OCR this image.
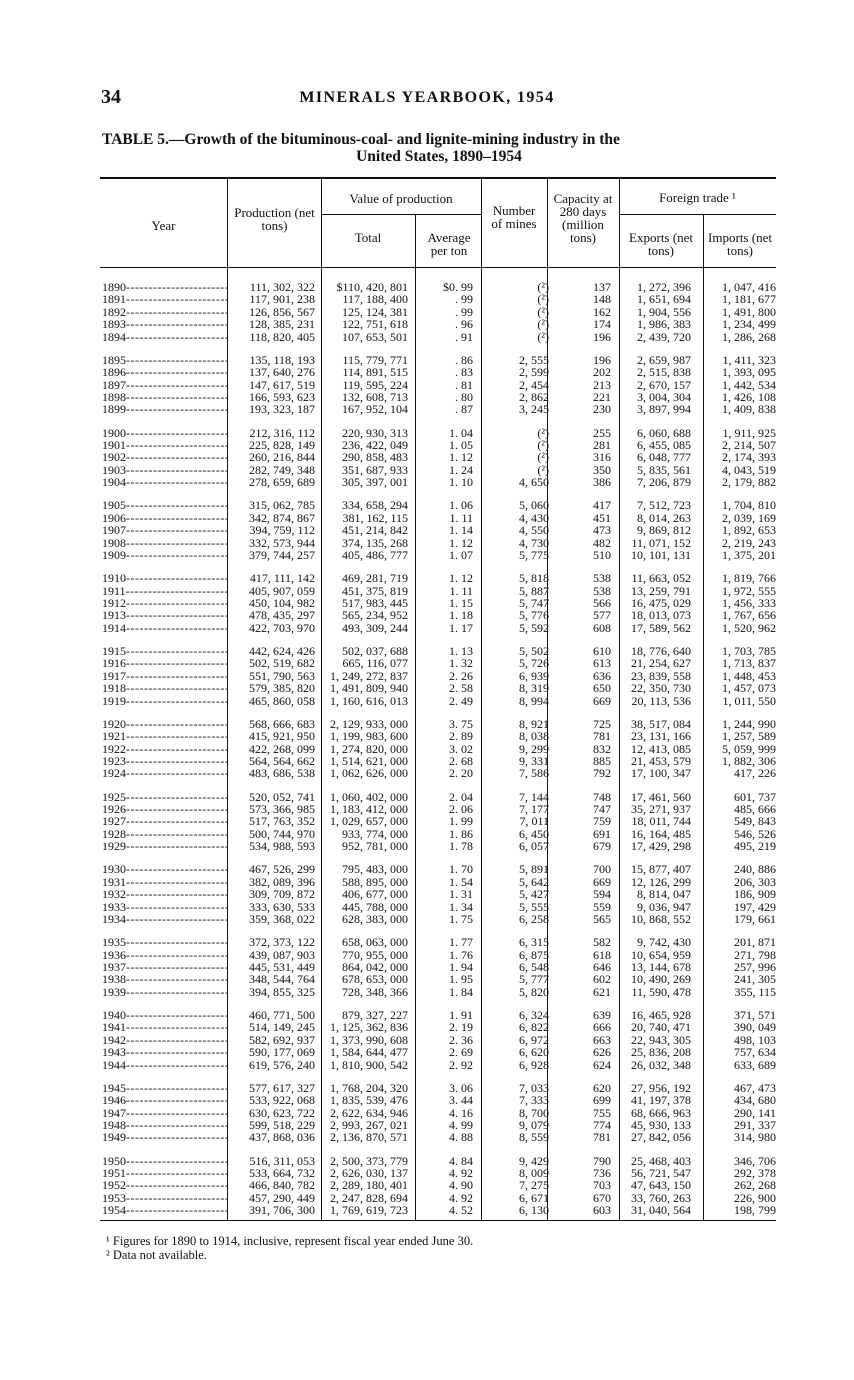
34	MINERALS YEARBOOK, 1954
TABLE 5.—Growth of the bituminous-coal- and lignite-mining industry in the
United States, 1890–1954
Year
Production (net tons)
Value of production
Total	Average per ton
Number of mines
Capacity at 280 days (million tons)
Foreign trade ¹
Exports (net tons)
Imports (net tons)
1890 -----	111, 302, 322	$110, 420, 801	$0. 99	(²)	137	1, 272, 396	1, 047, 416
1891 -----	117, 901, 238	117, 188, 400	. 99	(²)	148	1, 651, 694	1, 181, 677
1892 -----	126, 856, 567	125, 124, 381	. 99	(²)	162	1, 904, 556	1, 491, 800
1893 -----	128, 385, 231	122, 751, 618	. 96	(²)	174	1, 986, 383	1, 234, 499
1894 -----	118, 820, 405	107, 653, 501	. 91	(²)	196	2, 439, 720	1, 286, 268
1895 -----	135, 118, 193	115, 779, 771	. 86	2, 555	196	2, 659, 987	1, 411, 323
1896 -----	137, 640, 276	114, 891, 515	. 83	2, 599	202	2, 515, 838	1, 393, 095
1897 -----	147, 617, 519	119, 595, 224	. 81	2, 454	213	2, 670, 157	1, 442, 534
1898 -----	166, 593, 623	132, 608, 713	. 80	2, 862	221	3, 004, 304	1, 426, 108
1899 -----	193, 323, 187	167, 952, 104	. 87	3, 245	230	3, 897, 994	1, 409, 838
1900 -----	212, 316, 112	220, 930, 313	1. 04	(²)	255	6, 060, 688	1, 911, 925
1901 -----	225, 828, 149	236, 422, 049	1. 05	(²)	281	6, 455, 085	2, 214, 507
1902 -----	260, 216, 844	290, 858, 483	1. 12	(²)	316	6, 048, 777	2, 174, 393
1903 -----	282, 749, 348	351, 687, 933	1. 24	(²)	350	5, 835, 561	4, 043, 519
1904 -----	278, 659, 689	305, 397, 001	1. 10	4, 650	386	7, 206, 879	2, 179, 882
1905 -----	315, 062, 785	334, 658, 294	1. 06	5, 060	417	7, 512, 723	1, 704, 810
1906 -----	342, 874, 867	381, 162, 115	1. 11	4, 430	451	8, 014, 263	2, 039, 169
1907 -----	394, 759, 112	451, 214, 842	1. 14	4, 550	473	9, 869, 812	1, 892, 653
1908 -----	332, 573, 944	374, 135, 268	1. 12	4, 730	482	11, 071, 152	2, 219, 243
1909 -----	379, 744, 257	405, 486, 777	1. 07	5, 775	510	10, 101, 131	1, 375, 201
1910 -----	417, 111, 142	469, 281, 719	1. 12	5, 818	538	11, 663, 052	1, 819, 766
1911 -----	405, 907, 059	451, 375, 819	1. 11	5, 887	538	13, 259, 791	1, 972, 555
1912 -----	450, 104, 982	517, 983, 445	1. 15	5, 747	566	16, 475, 029	1, 456, 333
1913 -----	478, 435, 297	565, 234, 952	1. 18	5, 776	577	18, 013, 073	1, 767, 656
1914 -----	422, 703, 970	493, 309, 244	1. 17	5, 592	608	17, 589, 562	1, 520, 962
1915 -----	442, 624, 426	502, 037, 688	1. 13	5, 502	610	18, 776, 640	1, 703, 785
1916 -----	502, 519, 682	665, 116, 077	1. 32	5, 726	613	21, 254, 627	1, 713, 837
1917 -----	551, 790, 563	1, 249, 272, 837	2. 26	6, 939	636	23, 839, 558	1, 448, 453
1918 -----	579, 385, 820	1, 491, 809, 940	2. 58	8, 319	650	22, 350, 730	1, 457, 073
1919 -----	465, 860, 058	1, 160, 616, 013	2. 49	8, 994	669	20, 113, 536	1, 011, 550
1920 -----	568, 666, 683	2, 129, 933, 000	3. 75	8, 921	725	38, 517, 084	1, 244, 990
1921 -----	415, 921, 950	1, 199, 983, 600	2. 89	8, 038	781	23, 131, 166	1, 257, 589
1922 -----	422, 268, 099	1, 274, 820, 000	3. 02	9, 299	832	12, 413, 085	5, 059, 999
1923 -----	564, 564, 662	1, 514, 621, 000	2. 68	9, 331	885	21, 453, 579	1, 882, 306
1924 -----	483, 686, 538	1, 062, 626, 000	2. 20	7, 586	792	17, 100, 347	417, 226
1925 -----	520, 052, 741	1, 060, 402, 000	2. 04	7, 144	748	17, 461, 560	601, 737
1926 -----	573, 366, 985	1, 183, 412, 000	2. 06	7, 177	747	35, 271, 937	485, 666
1927 -----	517, 763, 352	1, 029, 657, 000	1. 99	7, 011	759	18, 011, 744	549, 843
1928 -----	500, 744, 970	933, 774, 000	1. 86	6, 450	691	16, 164, 485	546, 526
1929 -----	534, 988, 593	952, 781, 000	1. 78	6, 057	679	17, 429, 298	495, 219
1930 -----	467, 526, 299	795, 483, 000	1. 70	5, 891	700	15, 877, 407	240, 886
1931 -----	382, 089, 396	588, 895, 000	1. 54	5, 642	669	12, 126, 299	206, 303
1932 -----	309, 709, 872	406, 677, 000	1. 31	5, 427	594	8, 814, 047	186, 909
1933 -----	333, 630, 533	445, 788, 000	1. 34	5, 555	559	9, 036, 947	197, 429
1934 -----	359, 368, 022	628, 383, 000	1. 75	6, 258	565	10, 868, 552	179, 661
1935 -----	372, 373, 122	658, 063, 000	1. 77	6, 315	582	9, 742, 430	201, 871
1936 -----	439, 087, 903	770, 955, 000	1. 76	6, 875	618	10, 654, 959	271, 798
1937 -----	445, 531, 449	864, 042, 000	1. 94	6, 548	646	13, 144, 678	257, 996
1938 -----	348, 544, 764	678, 653, 000	1. 95	5, 777	602	10, 490, 269	241, 305
1939 -----	394, 855, 325	728, 348, 366	1. 84	5, 820	621	11, 590, 478	355, 115
1940 -----	460, 771, 500	879, 327, 227	1. 91	6, 324	639	16, 465, 928	371, 571
1941 -----	514, 149, 245	1, 125, 362, 836	2. 19	6, 822	666	20, 740, 471	390, 049
1942 -----	582, 692, 937	1, 373, 990, 608	2. 36	6, 972	663	22, 943, 305	498, 103
1943 -----	590, 177, 069	1, 584, 644, 477	2. 69	6, 620	626	25, 836, 208	757, 634
1944 -----	619, 576, 240	1, 810, 900, 542	2. 92	6, 928	624	26, 032, 348	633, 689
1945 -----	577, 617, 327	1, 768, 204, 320	3. 06	7, 033	620	27, 956, 192	467, 473
1946 -----	533, 922, 068	1, 835, 539, 476	3. 44	7, 333	699	41, 197, 378	434, 680
1947 -----	630, 623, 722	2, 622, 634, 946	4. 16	8, 700	755	68, 666, 963	290, 141
1948 -----	599, 518, 229	2, 993, 267, 021	4. 99	9, 079	774	45, 930, 133	291, 337
1949 -----	437, 868, 036	2, 136, 870, 571	4. 88	8, 559	781	27, 842, 056	314, 980
1950 -----	516, 311, 053	2, 500, 373, 779	4. 84	9, 429	790	25, 468, 403	346, 706
1951 -----	533, 664, 732	2, 626, 030, 137	4. 92	8, 009	736	56, 721, 547	292, 378
1952 -----	466, 840, 782	2, 289, 180, 401	4. 90	7, 275	703	47, 643, 150	262, 268
1953 -----	457, 290, 449	2, 247, 828, 694	4. 92	6, 671	670	33, 760, 263	226, 900
1954 -----	391, 706, 300	1, 769, 619, 723	4. 52	6, 130	603	31, 040, 564	198, 799
¹ Figures for 1890 to 1914, inclusive, represent fiscal year ended June 30.
² Data not available.
